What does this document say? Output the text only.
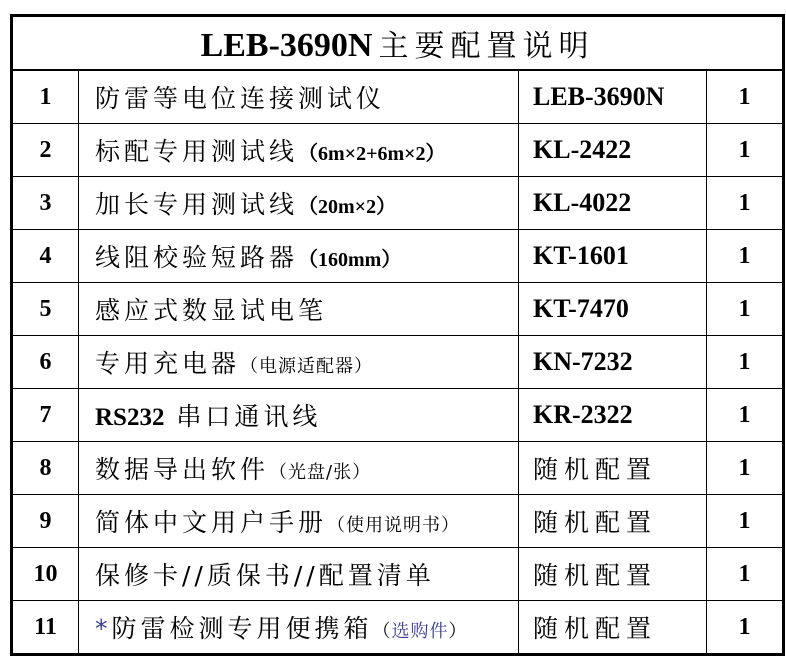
LEB-3690N 主要配置说明			
1	防雷等电位连接测试仪	LEB-3690N	1
2	标配专用测试线（6m×2+6m×2）	KL-2422	1
3	加长专用测试线（20m×2）	KL-4022	1
4	线阻校验短路器（160mm）	KT-1601	1
5	感应式数显试电笔	KT-7470	1
6	专用充电器（电源适配器）	KN-7232	1
7	RS232 串口通讯线	KR-2322	1
8	数据导出软件（光盘/张）	随机配置	1
9	简体中文用户手册（使用说明书）	随机配置	1
10	保修卡//质保书//配置清单	随机配置	1
11	*防雷检测专用便携箱（选购件）	随机配置	1
